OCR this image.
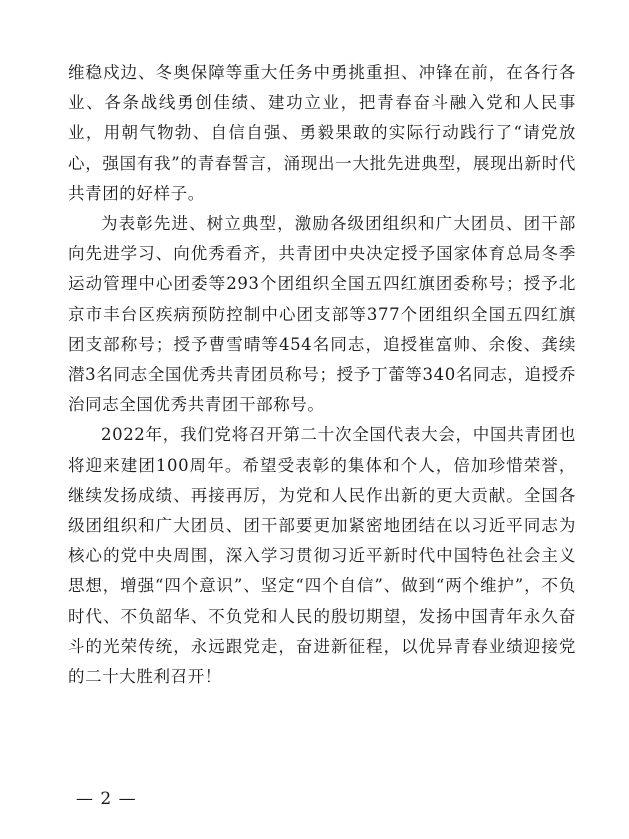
维稳戍边、冬奥保障等重大任务中勇挑重担、冲锋在前，在各行各业、各条战线勇创佳绩、建功立业，把青春奋斗融入党和人民事业，用朝气物勃、自信自强、勇毅果敢的实际行动践行了“请党放心，强国有我”的青春誓言，涌现出一大批先进典型，展现出新时代共青团的好样子。

为表彰先进、树立典型，激励各级团组织和广大团员、团干部向先进学习、向优秀看齐，共青团中央决定授予国家体育总局冬季运动管理中心团委等293个团组织全国五四红旗团委称号；授予北京市丰台区疾病预防控制中心团支部等377个团组织全国五四红旗团支部称号；授予曹雪晴等454名同志，追授崔富帅、余俊、龚续潜3名同志全国优秀共青团员称号；授予丁蕾等340名同志，追授乔治同志全国优秀共青团干部称号。

2022年，我们党将召开第二十次全国代表大会，中国共青团也将迎来建团100周年。希望受表彰的集体和个人，倍加珍惜荣誉，继续发扬成绩、再接再厉，为党和人民作出新的更大贡献。全国各级团组织和广大团员、团干部要更加紧密地团结在以习近平同志为核心的党中央周围，深入学习贯彻习近平新时代中国特色社会主义思想，增强“四个意识”、坚定“四个自信”、做到“两个维护”，不负时代、不负韶华、不负党和人民的殷切期望，发扬中国青年永久奋斗的光荣传统，永远跟党走，奋进新征程，以优异青春业绩迎接党的二十大胜利召开！

— 2 —
